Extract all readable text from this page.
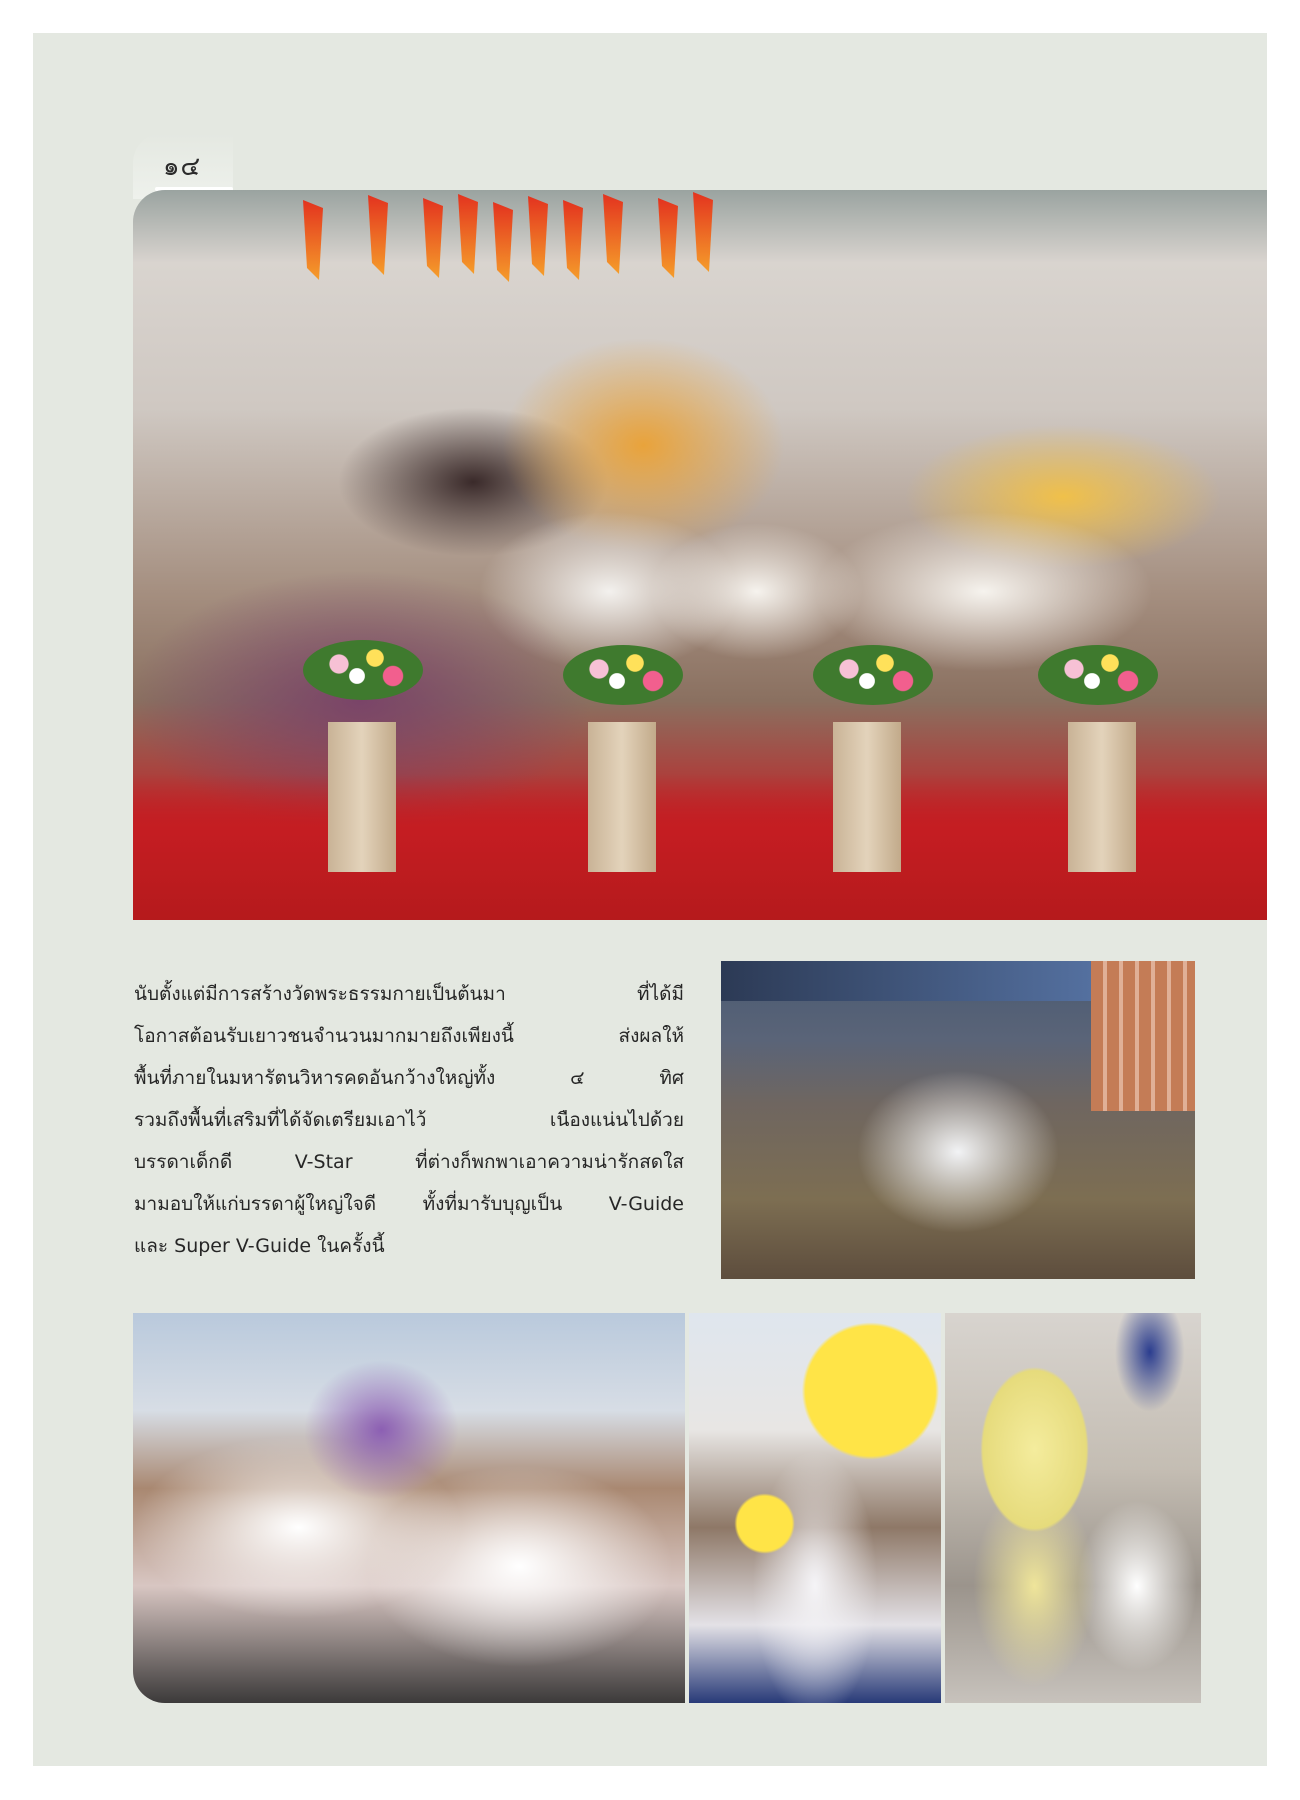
๑๔
นับตั้งแต่มีการสร้างวัดพระธรรมกายเป็นต้นมา ที่ได้มี
โอกาสต้อนรับเยาวชนจำนวนมากมายถึงเพียงนี้ ส่งผลให้
พื้นที่ภายในมหารัตนวิหารคดอันกว้างใหญ่ทั้ง ๔ ทิศ
รวมถึงพื้นที่เสริมที่ได้จัดเตรียมเอาไว้ เนืองแน่นไปด้วย
บรรดาเด็กดี V-Star ที่ต่างก็พกพาเอาความน่ารักสดใส
มามอบให้แก่บรรดาผู้ใหญ่ใจดี ทั้งที่มารับบุญเป็น V-Guide
และ Super V-Guide ในครั้งนี้
